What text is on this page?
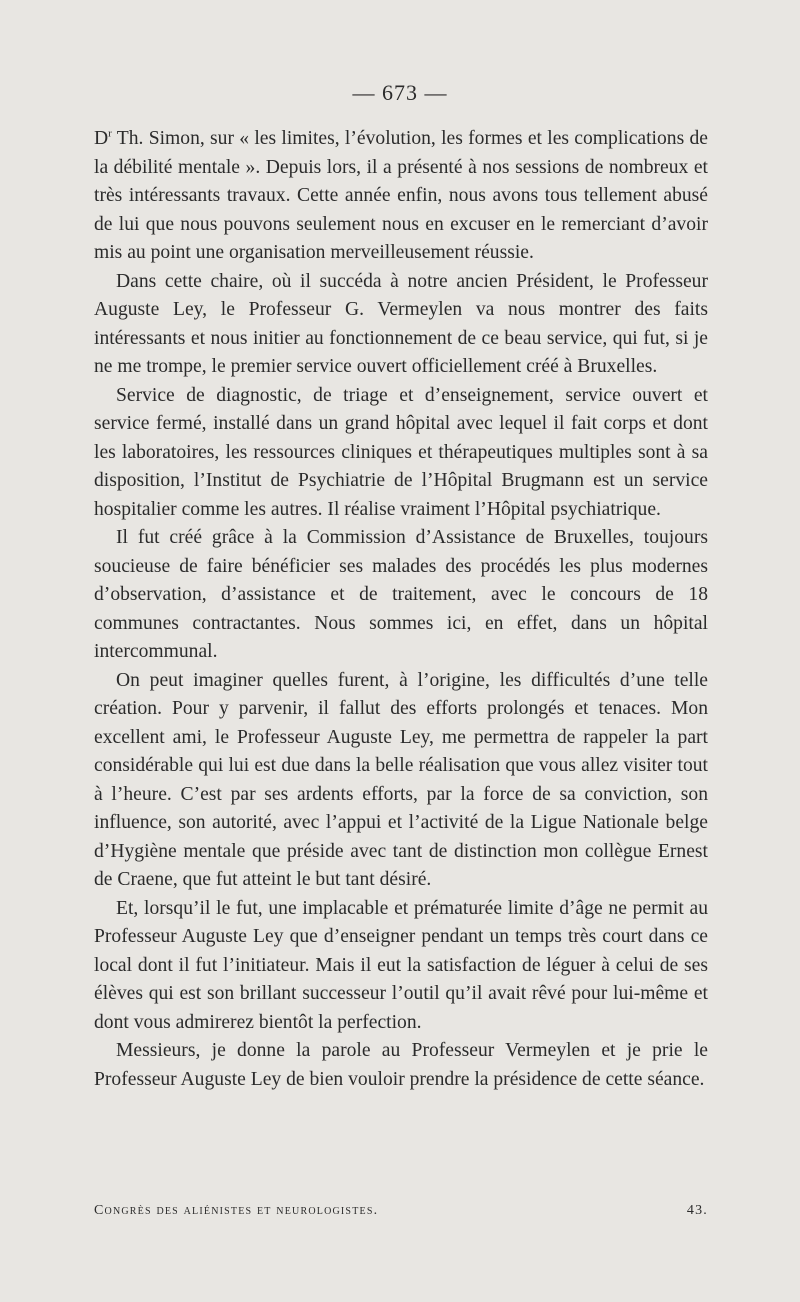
— 673 —

$D^r$ Th. Simon, sur « les limites, l’évolution, les formes et les complications de la débilité mentale ». Depuis lors, il a présenté à nos sessions de nombreux et très intéressants travaux. Cette année enfin, nous avons tous tellement abusé de lui que nous pouvons seulement nous en excuser en le remerciant d’avoir mis au point une organisation merveilleusement réussie.

Dans cette chaire, où il succéda à notre ancien Président, le Professeur Auguste Ley, le Professeur G. Vermeylen va nous montrer des faits intéressants et nous initier au fonctionnement de ce beau service, qui fut, si je ne me trompe, le premier service ouvert officiellement créé à Bruxelles.

Service de diagnostic, de triage et d’enseignement, service ouvert et service fermé, installé dans un grand hôpital avec lequel il fait corps et dont les laboratoires, les ressources cliniques et thérapeutiques multiples sont à sa disposition, l’Institut de Psychiatrie de l’Hôpital Brugmann est un service hospitalier comme les autres. Il réalise vraiment l’Hôpital psychiatrique.

Il fut créé grâce à la Commission d’Assistance de Bruxelles, toujours soucieuse de faire bénéficier ses malades des procédés les plus modernes d’observation, d’assistance et de traitement, avec le concours de 18 communes contractantes. Nous sommes ici, en effet, dans un hôpital intercommunal.

On peut imaginer quelles furent, à l’origine, les difficultés d’une telle création. Pour y parvenir, il fallut des efforts prolongés et tenaces. Mon excellent ami, le Professeur Auguste Ley, me permettra de rappeler la part considérable qui lui est due dans la belle réalisation que vous allez visiter tout à l’heure. C’est par ses ardents efforts, par la force de sa conviction, son influence, son autorité, avec l’appui et l’activité de la Ligue Nationale belge d’Hygiène mentale que préside avec tant de distinction mon collègue Ernest de Craene, que fut atteint le but tant désiré.

Et, lorsqu’il le fut, une implacable et prématurée limite d’âge ne permit au Professeur Auguste Ley que d’enseigner pendant un temps très court dans ce local dont il fut l’initiateur. Mais il eut la satisfaction de léguer à celui de ses élèves qui est son brillant successeur l’outil qu’il avait rêvé pour lui-même et dont vous admirerez bientôt la perfection.

Messieurs, je donne la parole au Professeur Vermeylen et je prie le Professeur Auguste Ley de bien vouloir prendre la présidence de cette séance.

Congrès des aliénistes et neurologistes.	43.
